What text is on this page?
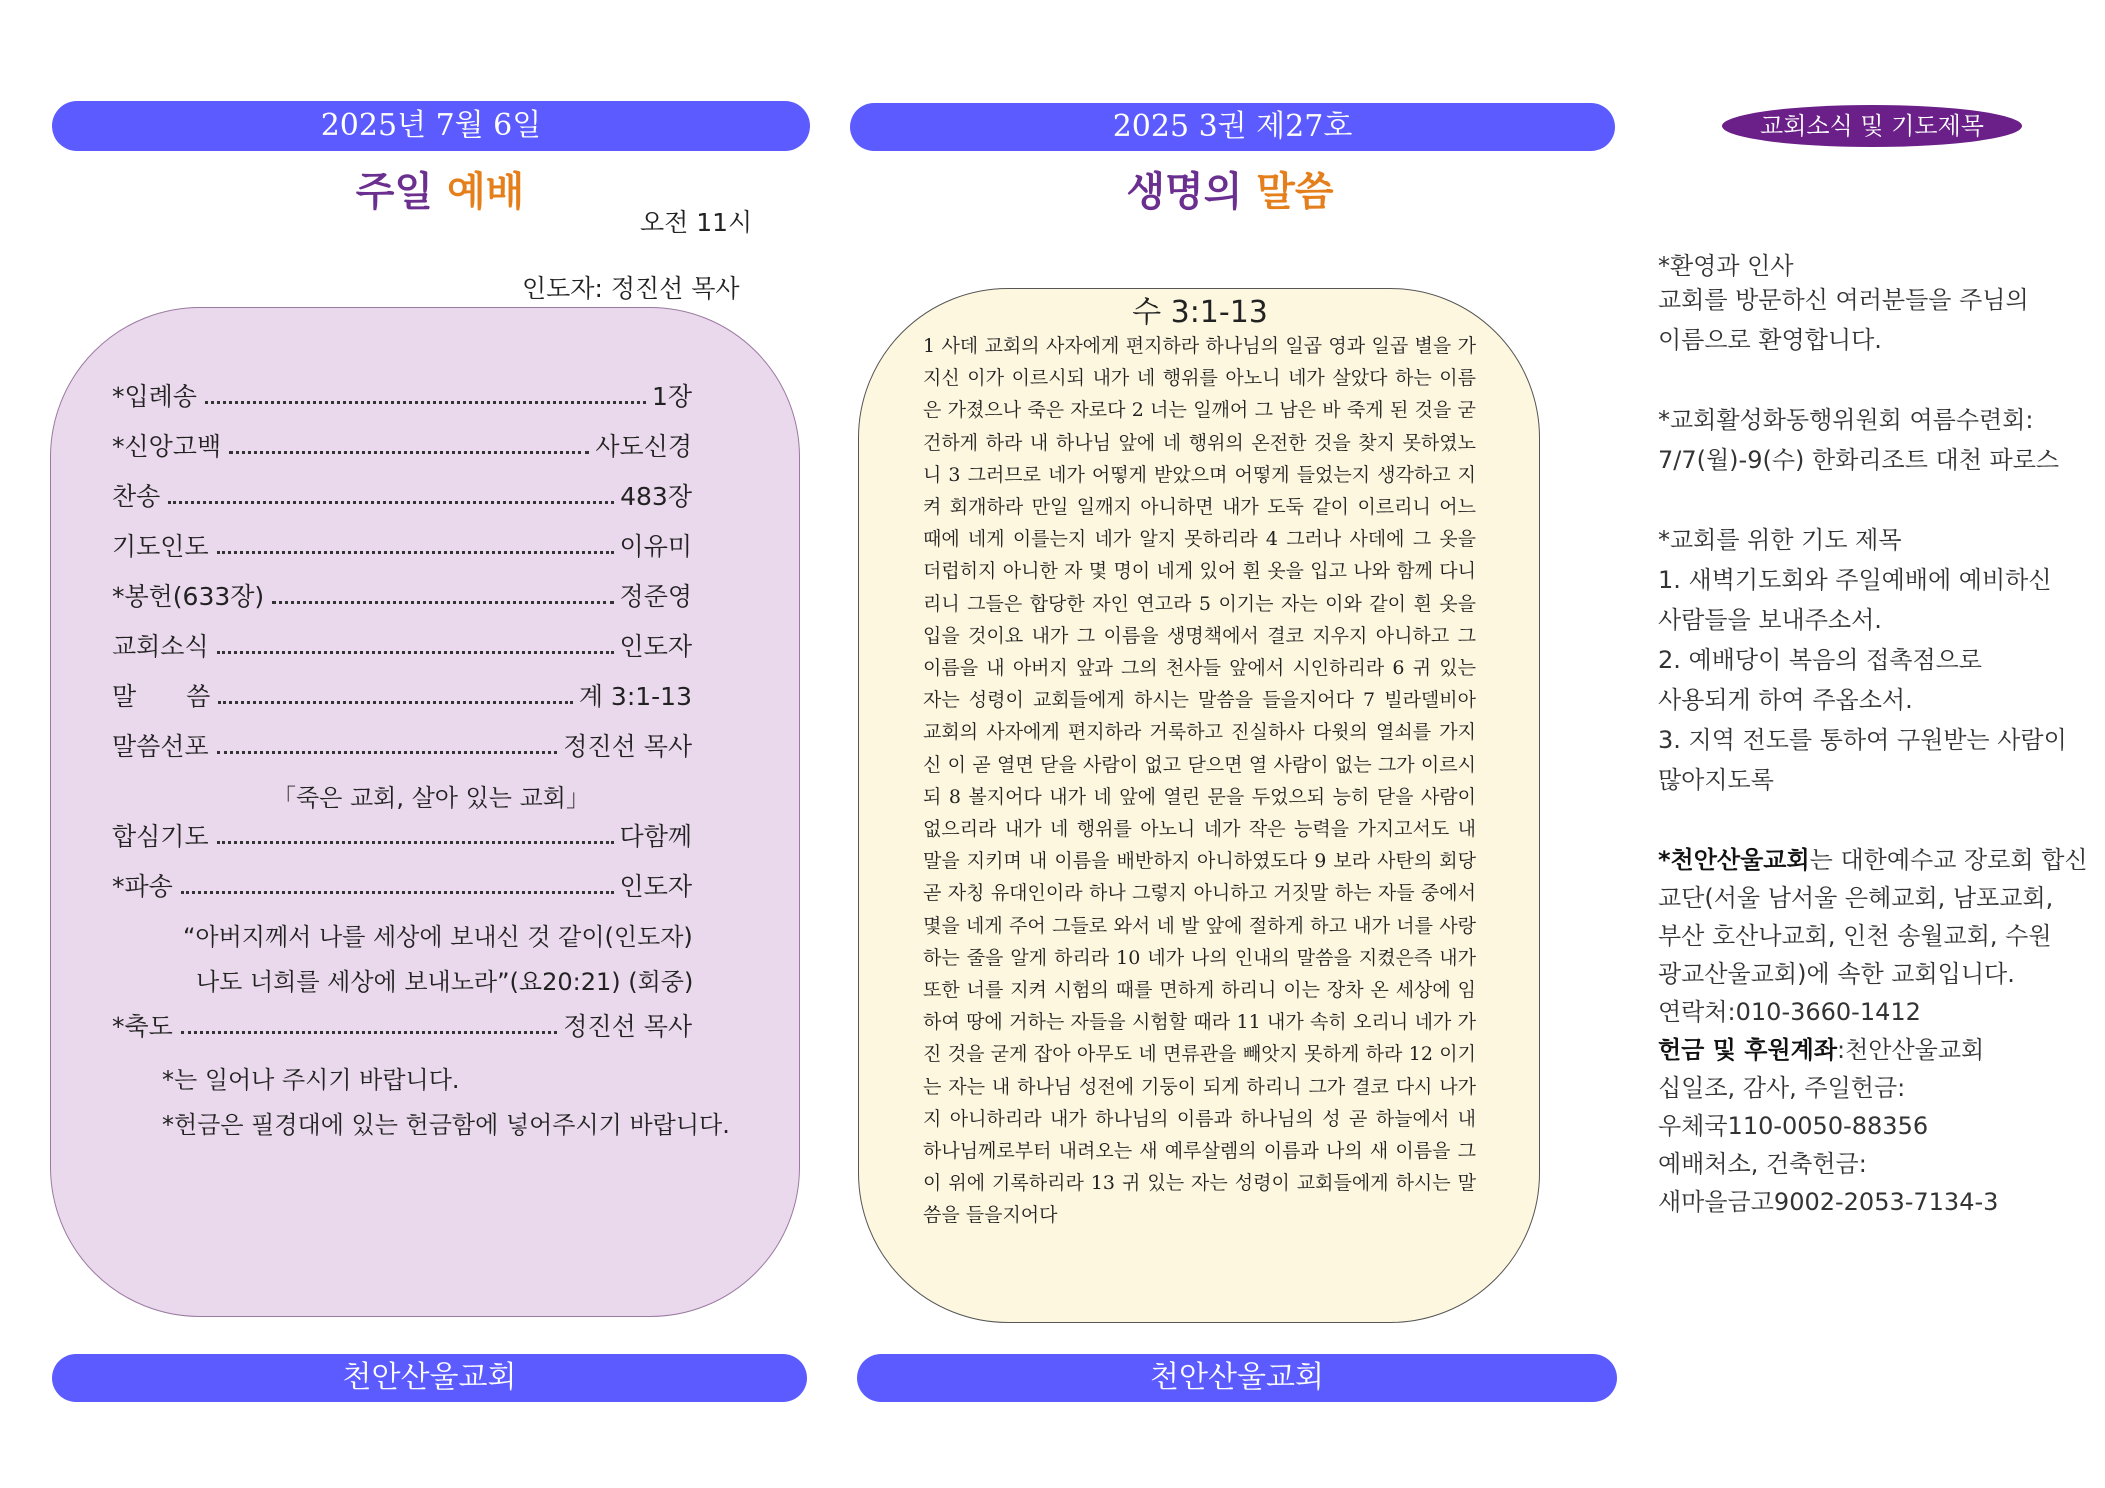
2025년 7월 6일
주일 예배
오전 11시
인도자: 정진선 목사
*입례송	1장
*신앙고백	사도신경
찬송	483장
기도인도	이유미
*봉헌(633장)	정준영
교회소식	인도자
말　　씀	계 3:1-13
말씀선포	정진선 목사
「죽은 교회, 살아 있는 교회」
합심기도	다함께
*파송	인도자
“아버지께서 나를 세상에 보내신 것 같이(인도자)
나도 너희를 세상에 보내노라”(요20:21) (회중)
*축도	정진선 목사
*는 일어나 주시기 바랍니다.
*헌금은 필경대에 있는 헌금함에 넣어주시기 바랍니다.
천안산울교회
2025 3권 제27호
생명의 말씀
수 3:1-13
1 사데 교회의 사자에게 편지하라 하나님의 일곱 영과 일곱 별을 가지신 이가 이르시되 내가 네 행위를 아노니 네가 살았다 하는 이름은 가졌으나 죽은 자로다 2 너는 일깨어 그 남은 바 죽게 된 것을 굳건하게 하라 내 하나님 앞에 네 행위의 온전한 것을 찾지 못하였노니 3 그러므로 네가 어떻게 받았으며 어떻게 들었는지 생각하고 지켜 회개하라 만일 일깨지 아니하면 내가 도둑 같이 이르리니 어느 때에 네게 이를는지 네가 알지 못하리라 4 그러나 사데에 그 옷을 더럽히지 아니한 자 몇 명이 네게 있어 흰 옷을 입고 나와 함께 다니리니 그들은 합당한 자인 연고라 5 이기는 자는 이와 같이 흰 옷을 입을 것이요 내가 그 이름을 생명책에서 결코 지우지 아니하고 그 이름을 내 아버지 앞과 그의 천사들 앞에서 시인하리라 6 귀 있는 자는 성령이 교회들에게 하시는 말씀을 들을지어다 7 빌라델비아 교회의 사자에게 편지하라 거룩하고 진실하사 다윗의 열쇠를 가지신 이 곧 열면 닫을 사람이 없고 닫으면 열 사람이 없는 그가 이르시되 8 볼지어다 내가 네 앞에 열린 문을 두었으되 능히 닫을 사람이 없으리라 내가 네 행위를 아노니 네가 작은 능력을 가지고서도 내 말을 지키며 내 이름을 배반하지 아니하였도다 9 보라 사탄의 회당 곧 자칭 유대인이라 하나 그렇지 아니하고 거짓말 하는 자들 중에서 몇을 네게 주어 그들로 와서 네 발 앞에 절하게 하고 내가 너를 사랑하는 줄을 알게 하리라 10 네가 나의 인내의 말씀을 지켰은즉 내가 또한 너를 지켜 시험의 때를 면하게 하리니 이는 장차 온 세상에 임하여 땅에 거하는 자들을 시험할 때라 11 내가 속히 오리니 네가 가진 것을 굳게 잡아 아무도 네 면류관을 빼앗지 못하게 하라 12 이기는 자는 내 하나님 성전에 기둥이 되게 하리니 그가 결코 다시 나가지 아니하리라 내가 하나님의 이름과 하나님의 성 곧 하늘에서 내 하나님께로부터 내려오는 새 예루살렘의 이름과 나의 새 이름을 그이 위에 기록하리라 13 귀 있는 자는 성령이 교회들에게 하시는 말씀을 들을지어다
천안산울교회
교회소식 및 기도제목
*환영과 인사
교회를 방문하신 여러분들을 주님의
이름으로 환영합니다.
*교회활성화동행위원회 여름수련회:
7/7(월)-9(수) 한화리조트 대천 파로스
*교회를 위한 기도 제목
1. 새벽기도회와 주일예배에 예비하신
사람들을 보내주소서.
2. 예배당이 복음의 접촉점으로
사용되게 하여 주옵소서.
3. 지역 전도를 통하여 구원받는 사람이
많아지도록
*천안산울교회는 대한예수교 장로회 합신
교단(서울 남서울 은혜교회, 남포교회,
부산 호산나교회, 인천 송월교회, 수원
광교산울교회)에 속한 교회입니다.
연락처:010-3660-1412
헌금 및 후원계좌:천안산울교회
십일조, 감사, 주일헌금:
우체국110-0050-88356
예배처소, 건축헌금:
새마을금고9002-2053-7134-3
